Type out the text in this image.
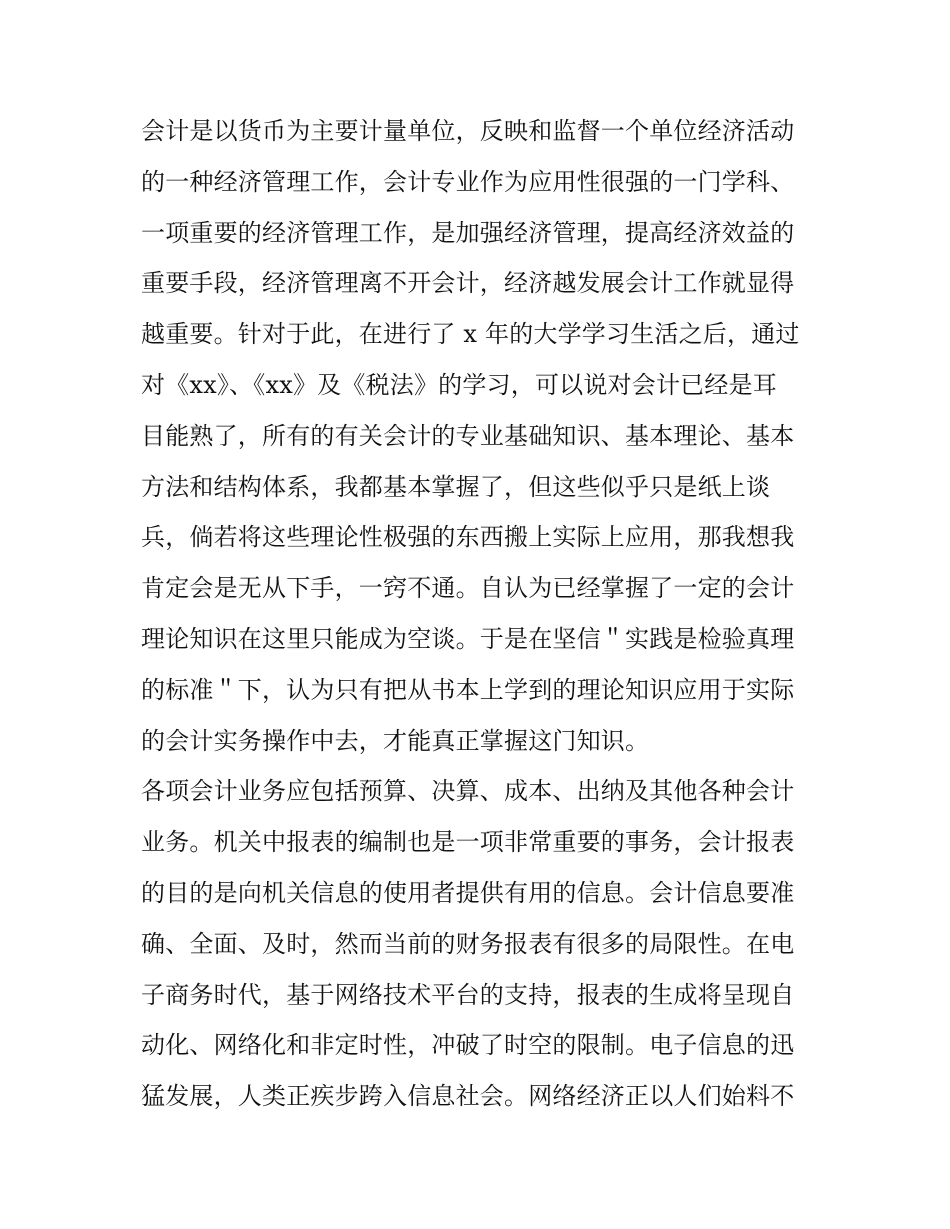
会计是以货币为主要计量单位，反映和监督一个单位经济活动
的一种经济管理工作，会计专业作为应用性很强的一门学科、
一项重要的经济管理工作，是加强经济管理，提高经济效益的
重要手段，经济管理离不开会计，经济越发展会计工作就显得
越重要。针对于此，在进行了 x 年的大学学习生活之后，通过
对《xx》、《xx》及《税法》的学习，可以说对会计已经是耳
目能熟了，所有的有关会计的专业基础知识、基本理论、基本
方法和结构体系，我都基本掌握了，但这些似乎只是纸上谈
兵，倘若将这些理论性极强的东西搬上实际上应用，那我想我
肯定会是无从下手，一窍不通。自认为已经掌握了一定的会计
理论知识在这里只能成为空谈。于是在坚信＂实践是检验真理
的标准＂下，认为只有把从书本上学到的理论知识应用于实际
的会计实务操作中去，才能真正掌握这门知识。
各项会计业务应包括预算、决算、成本、出纳及其他各种会计
业务。机关中报表的编制也是一项非常重要的事务，会计报表
的目的是向机关信息的使用者提供有用的信息。会计信息要准
确、全面、及时，然而当前的财务报表有很多的局限性。在电
子商务时代，基于网络技术平台的支持，报表的生成将呈现自
动化、网络化和非定时性，冲破了时空的限制。电子信息的迅
猛发展，人类正疾步跨入信息社会。网络经济正以人们始料不
